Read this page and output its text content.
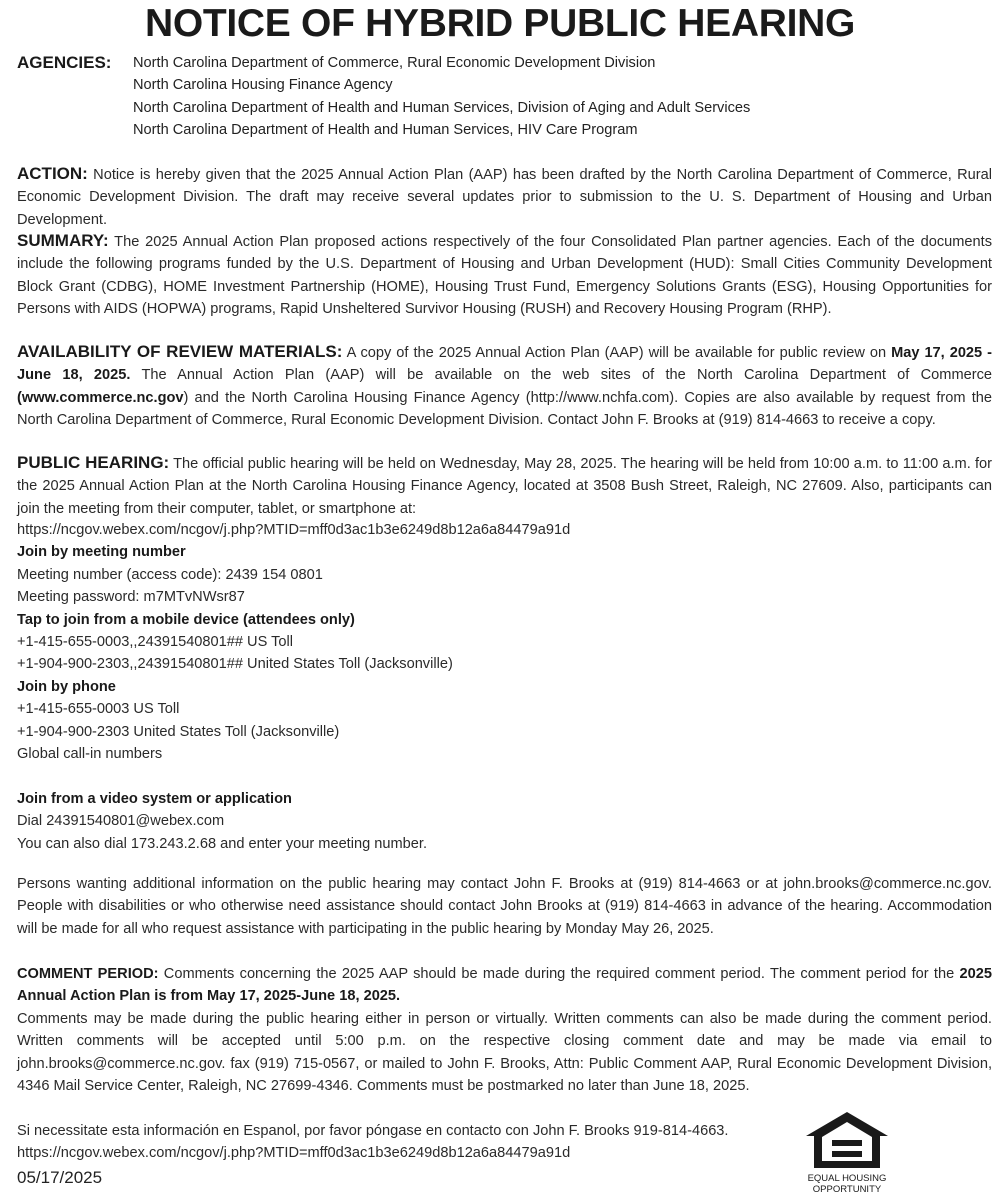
NOTICE OF HYBRID PUBLIC HEARING
AGENCIES: North Carolina Department of Commerce, Rural Economic Development Division
North Carolina Housing Finance Agency
North Carolina Department of Health and Human Services, Division of Aging and Adult Services
North Carolina Department of Health and Human Services, HIV Care Program
ACTION: Notice is hereby given that the 2025 Annual Action Plan (AAP) has been drafted by the North Carolina Department of Commerce, Rural Economic Development Division. The draft may receive several updates prior to submission to the U. S. Department of Housing and Urban Development.
SUMMARY: The 2025 Annual Action Plan proposed actions respectively of the four Consolidated Plan partner agencies. Each of the documents include the following programs funded by the U.S. Department of Housing and Urban Development (HUD): Small Cities Community Development Block Grant (CDBG), HOME Investment Partnership (HOME), Housing Trust Fund, Emergency Solutions Grants (ESG), Housing Opportunities for Persons with AIDS (HOPWA) programs, Rapid Unsheltered Survivor Housing (RUSH) and Recovery Housing Program (RHP).
AVAILABILITY OF REVIEW MATERIALS: A copy of the 2025 Annual Action Plan (AAP) will be available for public review on May 17, 2025 -June 18, 2025. The Annual Action Plan (AAP) will be available on the web sites of the North Carolina Department of Commerce (www.commerce.nc.gov) and the North Carolina Housing Finance Agency (http://www.nchfa.com). Copies are also available by request from the North Carolina Department of Commerce, Rural Economic Development Division. Contact John F. Brooks at (919) 814-4663 to receive a copy.
PUBLIC HEARING: The official public hearing will be held on Wednesday, May 28, 2025. The hearing will be held from 10:00 a.m. to 11:00 a.m. for the 2025 Annual Action Plan at the North Carolina Housing Finance Agency, located at 3508 Bush Street, Raleigh, NC 27609. Also, participants can join the meeting from their computer, tablet, or smartphone at:
https://ncgov.webex.com/ncgov/j.php?MTID=mff0d3ac1b3e6249d8b12a6a84479a91d
Join by meeting number
Meeting number (access code): 2439 154 0801
Meeting password: m7MTvNWsr87
Tap to join from a mobile device (attendees only)
+1-415-655-0003,,24391540801## US Toll
+1-904-900-2303,,24391540801## United States Toll (Jacksonville)
Join by phone
+1-415-655-0003 US Toll
+1-904-900-2303 United States Toll (Jacksonville)
Global call-in numbers

Join from a video system or application
Dial 24391540801@webex.com
You can also dial 173.243.2.68 and enter your meeting number.
Persons wanting additional information on the public hearing may contact John F. Brooks at (919) 814-4663 or at john.brooks@commerce.nc.gov. People with disabilities or who otherwise need assistance should contact John Brooks at (919) 814-4663 in advance of the hearing. Accommodation will be made for all who request assistance with participating in the public hearing by Monday May 26, 2025.
COMMENT PERIOD: Comments concerning the 2025 AAP should be made during the required comment period. The comment period for the 2025 Annual Action Plan is from May 17, 2025-June 18, 2025.
Comments may be made during the public hearing either in person or virtually. Written comments can also be made during the comment period. Written comments will be accepted until 5:00 p.m. on the respective closing comment date and may be made via email to john.brooks@commerce.nc.gov. fax (919) 715-0567, or mailed to John F. Brooks, Attn: Public Comment AAP, Rural Economic Development Division, 4346 Mail Service Center, Raleigh, NC 27699-4346. Comments must be postmarked no later than June 18, 2025.
Si necessitate esta información en Espanol, por favor póngase en contacto con John F. Brooks 919-814-4663.
https://ncgov.webex.com/ncgov/j.php?MTID=mff0d3ac1b3e6249d8b12a6a84479a91d
05/17/2025	EQUAL HOUSING
OPPORTUNITY
